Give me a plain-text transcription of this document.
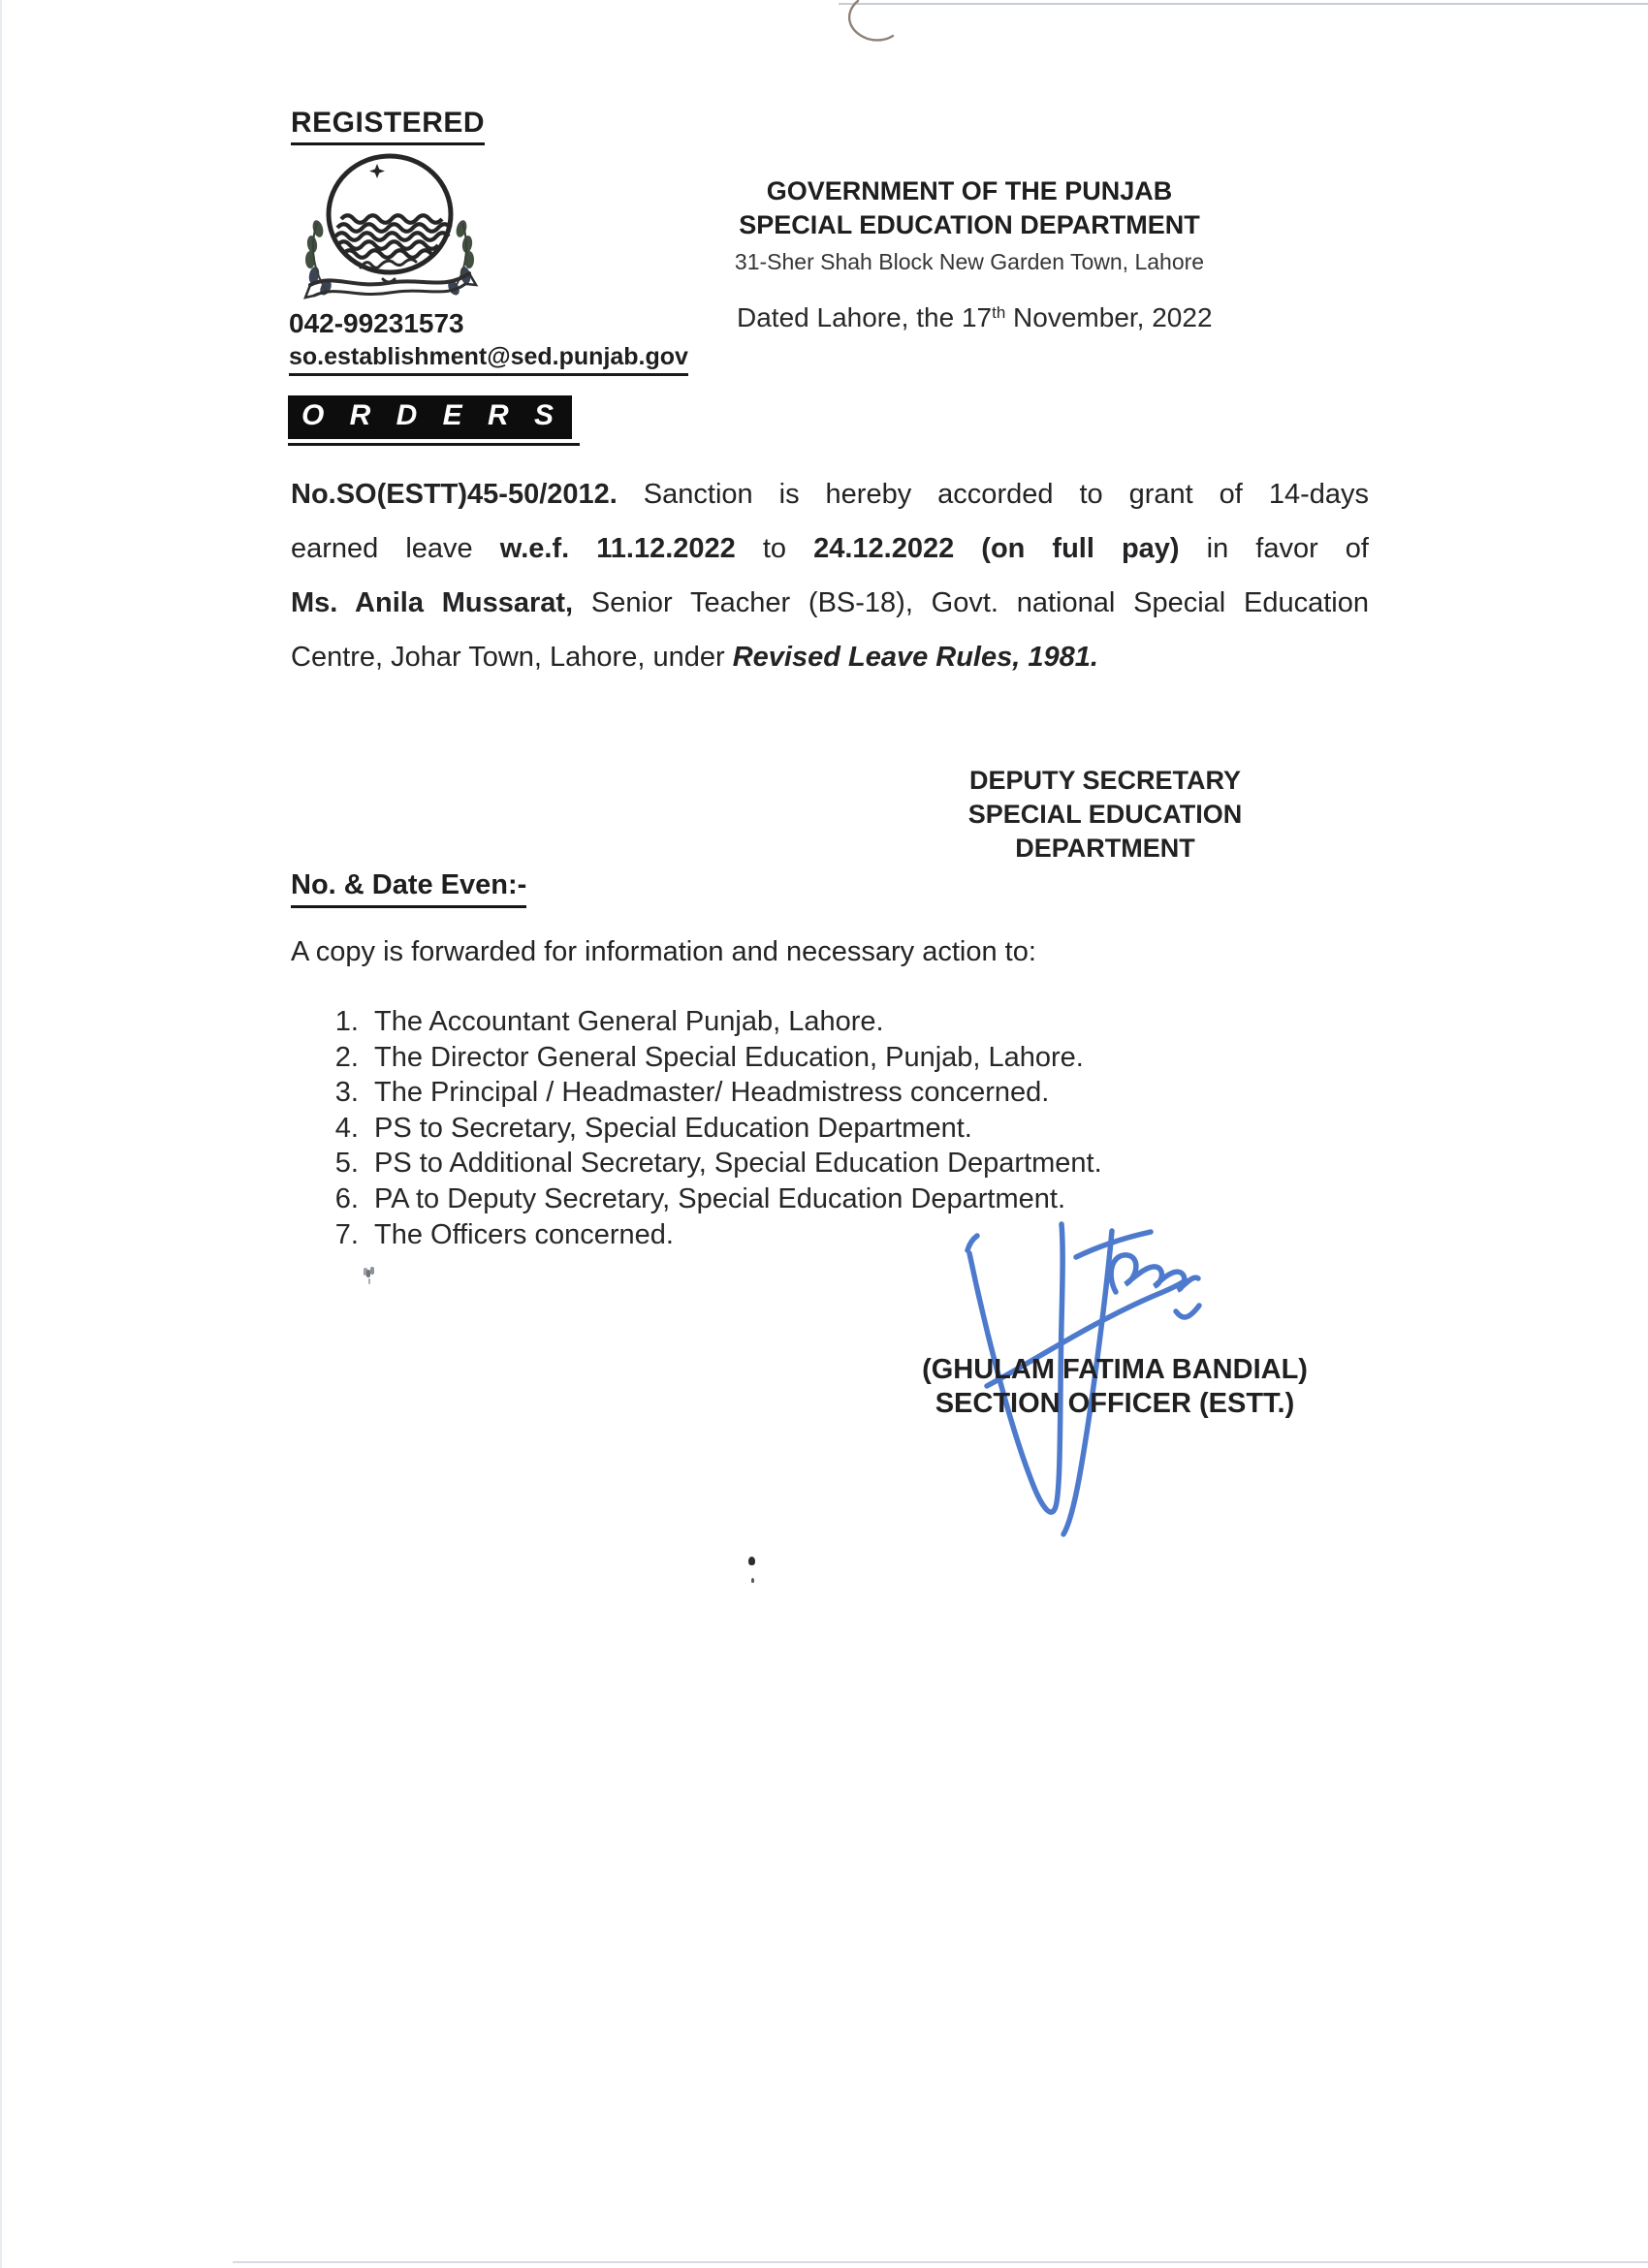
REGISTERED
042-99231573
so.establishment@sed.punjab.gov
GOVERNMENT OF THE PUNJAB
SPECIAL EDUCATION DEPARTMENT
31-Sher Shah Block New Garden Town, Lahore
Dated Lahore, the 17th November, 2022
O R D E R S
No.SO(ESTT)45-50/2012. Sanction is hereby accorded to grant of 14-days
earned leave w.e.f. 11.12.2022 to 24.12.2022 (on full pay) in favor of
Ms. Anila Mussarat, Senior Teacher (BS-18), Govt. national Special Education
Centre, Johar Town, Lahore, under Revised Leave Rules, 1981.
DEPUTY SECRETARY
SPECIAL EDUCATION
DEPARTMENT
No. & Date Even:-
A copy is forwarded for information and necessary action to:
1. The Accountant General Punjab, Lahore.
2. The Director General Special Education, Punjab, Lahore.
3. The Principal / Headmaster/ Headmistress concerned.
4. PS to Secretary, Special Education Department.
5. PS to Additional Secretary, Special Education Department.
6. PA to Deputy Secretary, Special Education Department.
7. The Officers concerned.
(GHULAM FATIMA BANDIAL)
SECTION OFFICER (ESTT.)
